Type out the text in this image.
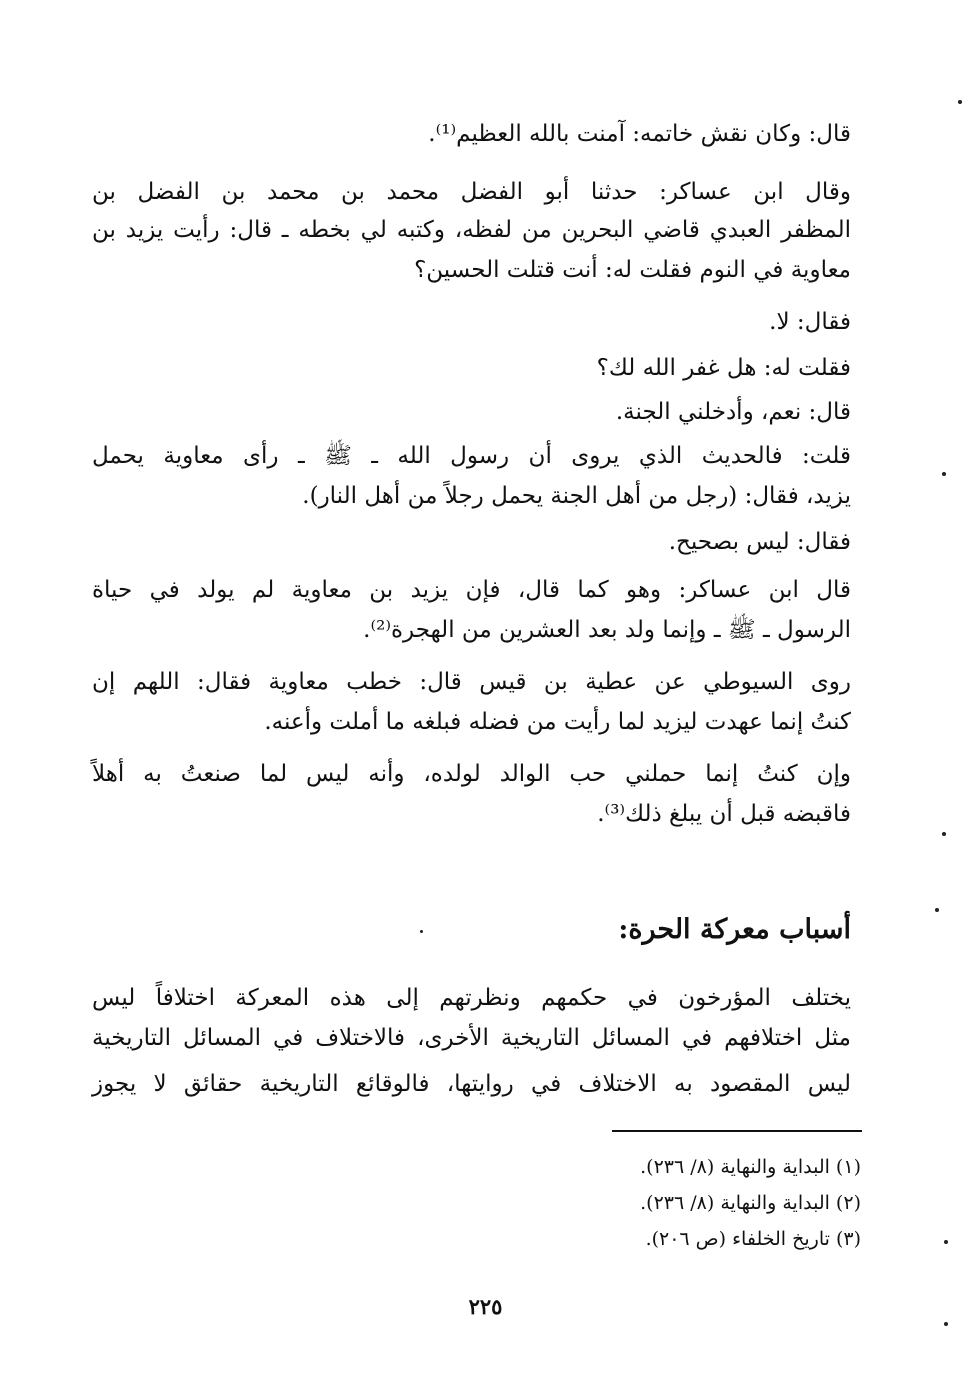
قال: وكان نقش خاتمه: آمنت بالله العظيم⁽¹⁾.

وقال ابن عساكر: حدثنا أبو الفضل محمد بن محمد بن الفضل بن

المظفر العبدي قاضي البحرين من لفظه، وكتبه لي بخطه ـ قال: رأيت يزيد بن

معاوية في النوم فقلت له: أنت قتلت الحسين؟

فقال: لا.

فقلت له: هل غفر الله لك؟

قال: نعم، وأدخلني الجنة.

قلت: فالحديث الذي يروى أن رسول الله ـ ﷺ ـ رأى معاوية يحمل

يزيد، فقال: (رجل من أهل الجنة يحمل رجلاً من أهل النار).

فقال: ليس بصحيح.

قال ابن عساكر: وهو كما قال، فإن يزيد بن معاوية لم يولد في حياة

الرسول ـ ﷺ ـ وإنما ولد بعد العشرين من الهجرة⁽²⁾.

روى السيوطي عن عطية بن قيس قال: خطب معاوية فقال: اللهم إن

كنتُ إنما عهدت ليزيد لما رأيت من فضله فبلغه ما أملت وأعنه.

وإن كنتُ إنما حملني حب الوالد لولده، وأنه ليس لما صنعتُ به أهلاً

فاقبضه قبل أن يبلغ ذلك⁽³⁾.

أسباب معركة الحرة:

يختلف المؤرخون في حكمهم ونظرتهم إلى هذه المعركة اختلافاً ليس

مثل اختلافهم في المسائل التاريخية الأخرى، فالاختلاف في المسائل التاريخية

ليس المقصود به الاختلاف في روايتها، فالوقائع التاريخية حقائق لا يجوز

(١) البداية والنهاية (٨/ ٢٣٦).

(٢) البداية والنهاية (٨/ ٢٣٦).

(٣) تاريخ الخلفاء (ص ٢٠٦).

٢٢٥
